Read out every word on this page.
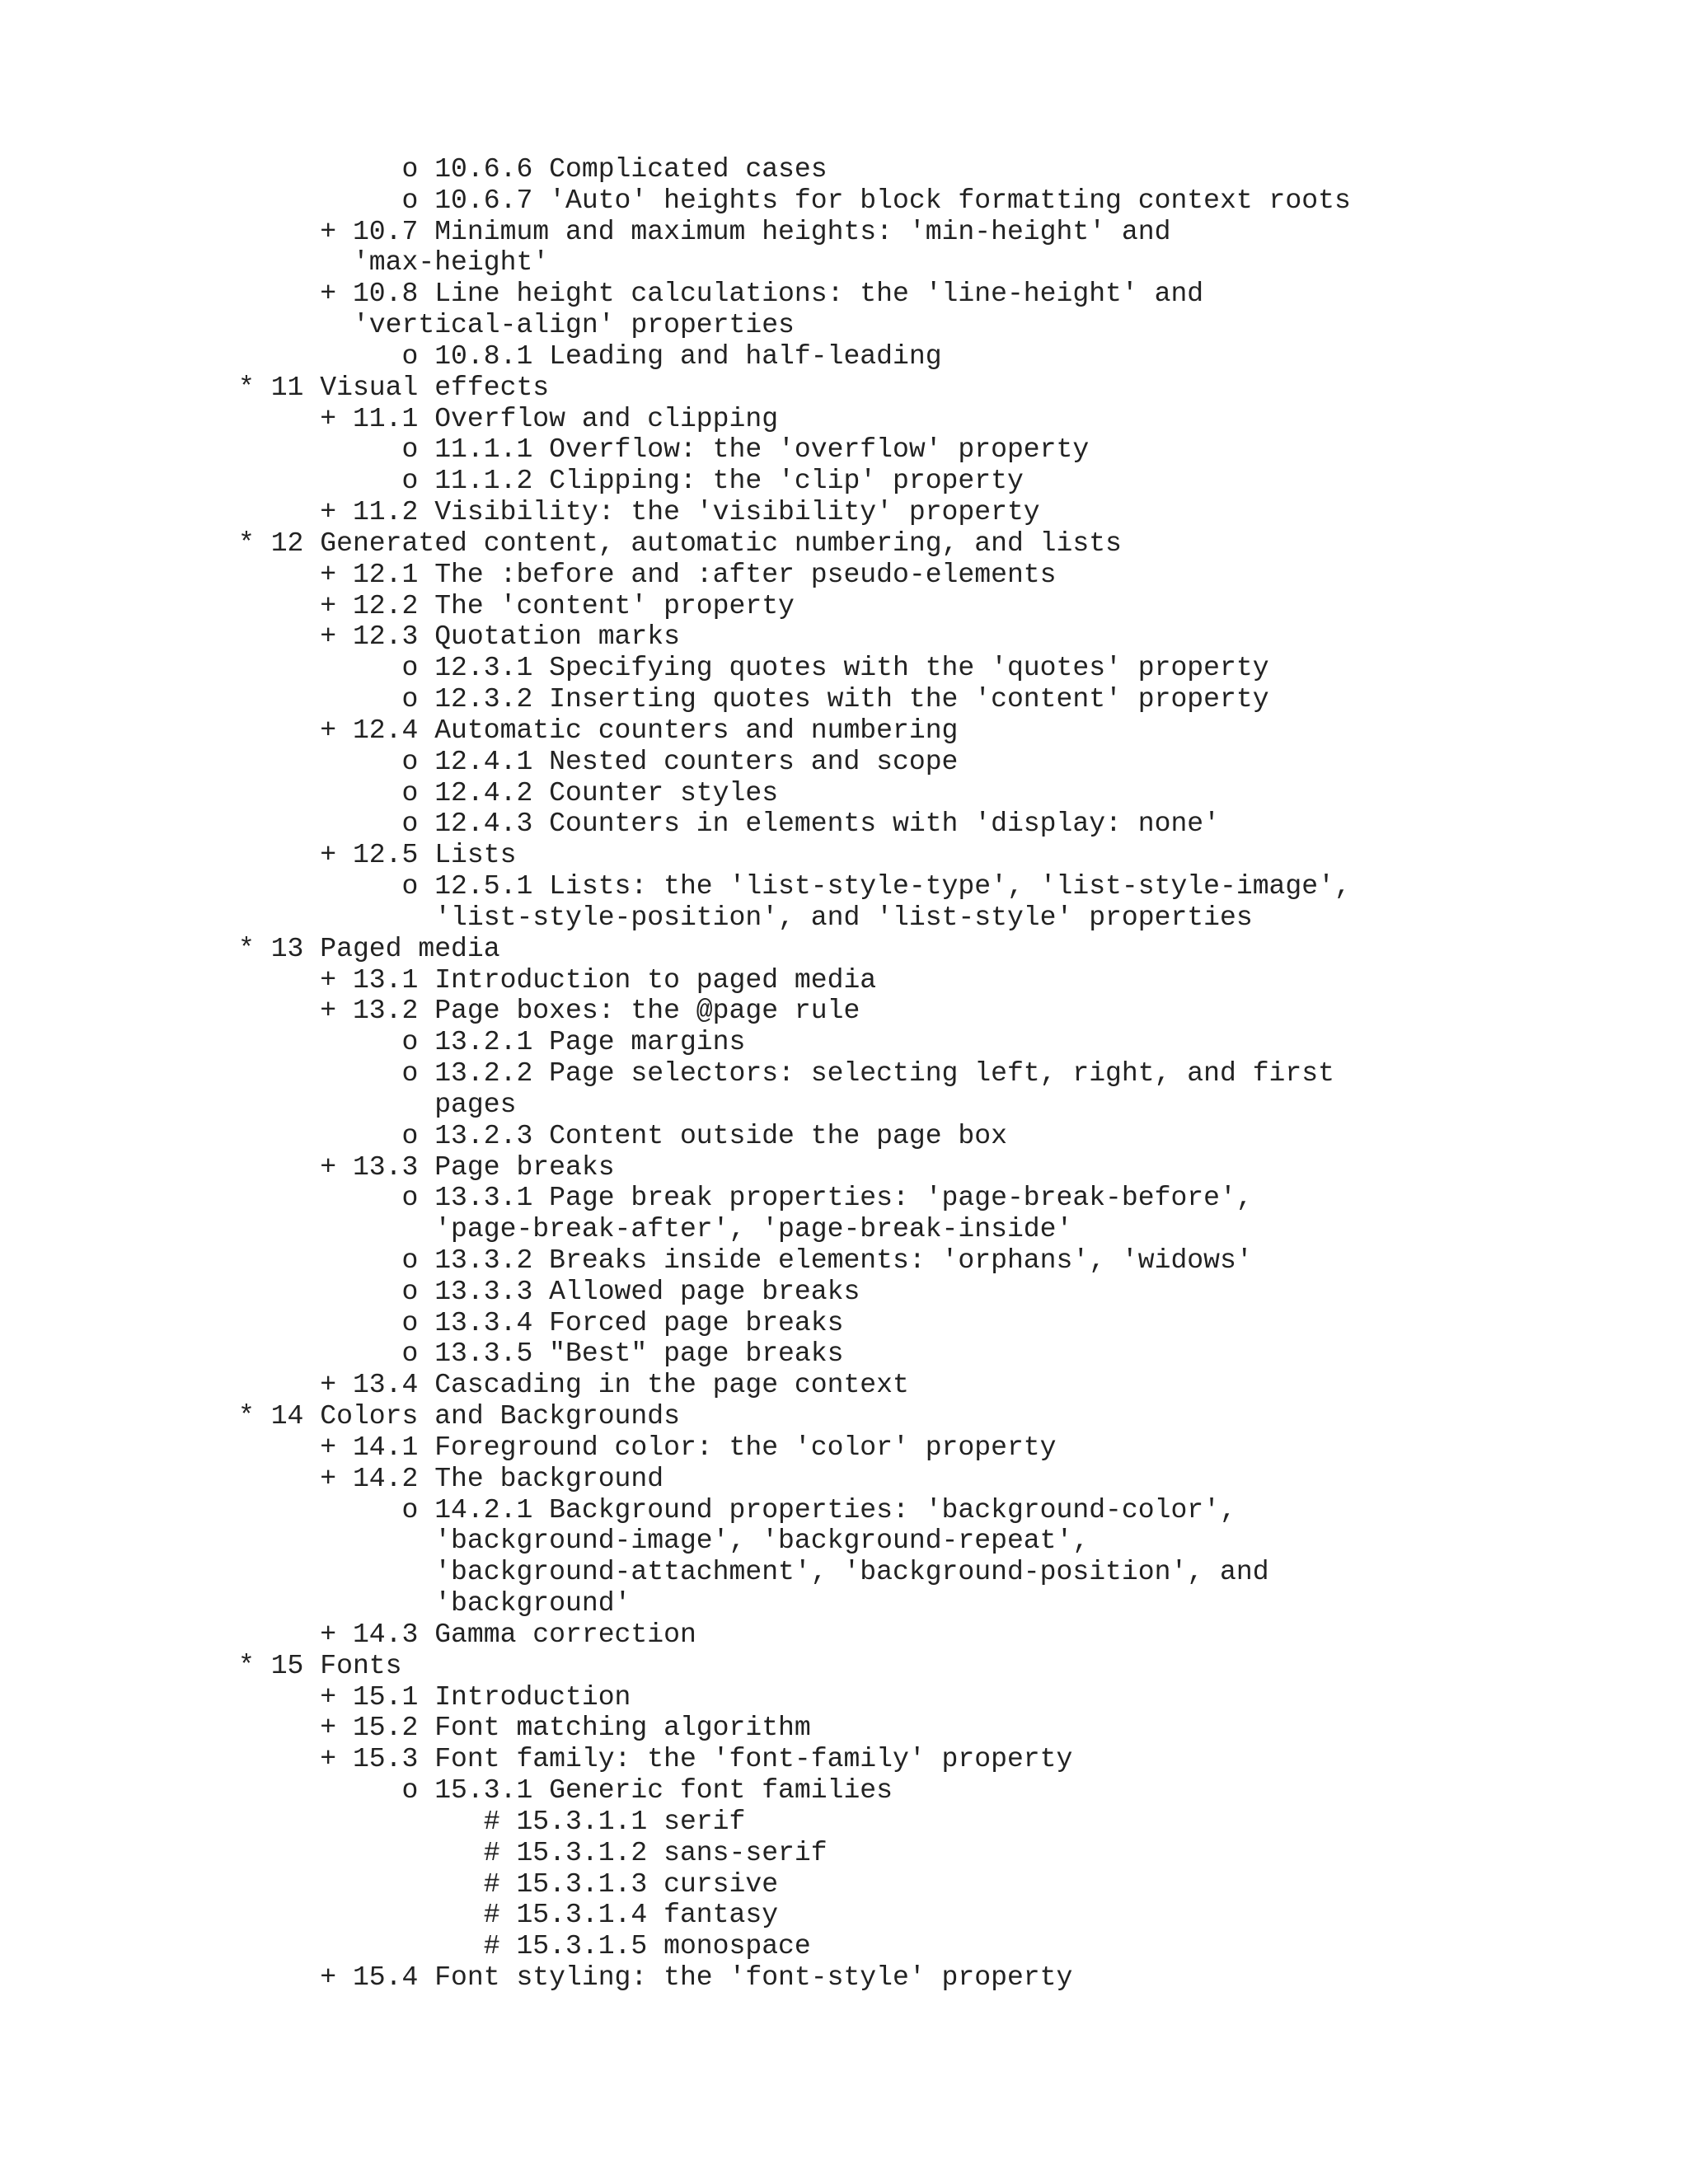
o 10.6.6 Complicated cases
o 10.6.7 'Auto' heights for block formatting context roots
+ 10.7 Minimum and maximum heights: 'min-height' and
'max-height'
+ 10.8 Line height calculations: the 'line-height' and
'vertical-align' properties
o 10.8.1 Leading and half-leading
* 11 Visual effects
+ 11.1 Overflow and clipping
o 11.1.1 Overflow: the 'overflow' property
o 11.1.2 Clipping: the 'clip' property
+ 11.2 Visibility: the 'visibility' property
* 12 Generated content, automatic numbering, and lists
+ 12.1 The :before and :after pseudo-elements
+ 12.2 The 'content' property
+ 12.3 Quotation marks
o 12.3.1 Specifying quotes with the 'quotes' property
o 12.3.2 Inserting quotes with the 'content' property
+ 12.4 Automatic counters and numbering
o 12.4.1 Nested counters and scope
o 12.4.2 Counter styles
o 12.4.3 Counters in elements with 'display: none'
+ 12.5 Lists
o 12.5.1 Lists: the 'list-style-type', 'list-style-image',
'list-style-position', and 'list-style' properties
* 13 Paged media
+ 13.1 Introduction to paged media
+ 13.2 Page boxes: the @page rule
o 13.2.1 Page margins
o 13.2.2 Page selectors: selecting left, right, and first
pages
o 13.2.3 Content outside the page box
+ 13.3 Page breaks
o 13.3.1 Page break properties: 'page-break-before',
'page-break-after', 'page-break-inside'
o 13.3.2 Breaks inside elements: 'orphans', 'widows'
o 13.3.3 Allowed page breaks
o 13.3.4 Forced page breaks
o 13.3.5 "Best" page breaks
+ 13.4 Cascading in the page context
* 14 Colors and Backgrounds
+ 14.1 Foreground color: the 'color' property
+ 14.2 The background
o 14.2.1 Background properties: 'background-color',
'background-image', 'background-repeat',
'background-attachment', 'background-position', and
'background'
+ 14.3 Gamma correction
* 15 Fonts
+ 15.1 Introduction
+ 15.2 Font matching algorithm
+ 15.3 Font family: the 'font-family' property
o 15.3.1 Generic font families
# 15.3.1.1 serif
# 15.3.1.2 sans-serif
# 15.3.1.3 cursive
# 15.3.1.4 fantasy
# 15.3.1.5 monospace
+ 15.4 Font styling: the 'font-style' property
